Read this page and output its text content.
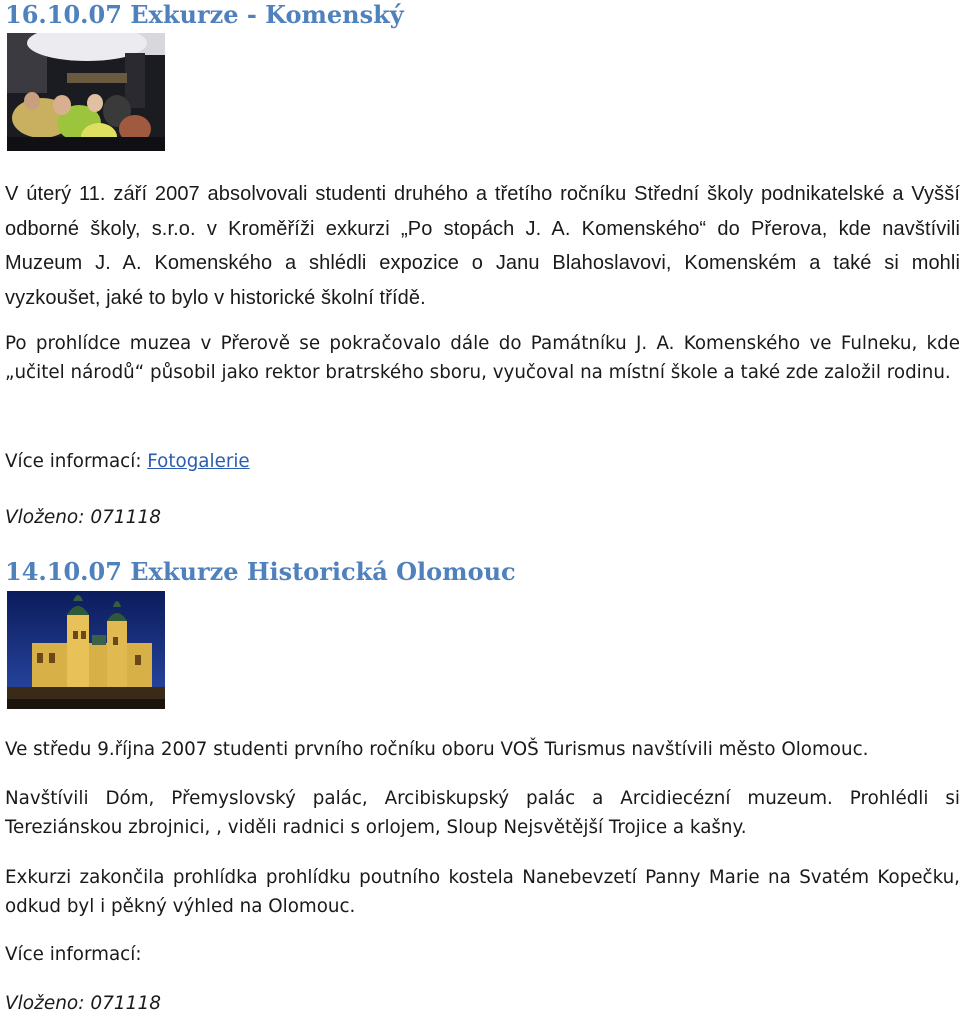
16.10.07 Exkurze - Komenský

V úterý 11. září 2007 absolvovali studenti druhého a třetího ročníku Střední školy podnikatelské a Vyšší odborné školy, s.r.o. v Kroměříži exkurzi „Po stopách J. A. Komenského“ do Přerova, kde navštívili Muzeum J. A. Komenského a shlédli expozice o Janu Blahoslavovi, Komenském a také si mohli vyzkoušet, jaké to bylo v historické školní třídě.

Po prohlídce muzea v Přerově se pokračovalo dále do Památníku J. A. Komenského ve Fulneku, kde „učitel národů“ působil jako rektor bratrského sboru, vyučoval na místní škole a také zde založil rodinu.

Více informací: Fotogalerie

Vloženo: 071118

14.10.07 Exkurze Historická Olomouc

Ve středu 9.října 2007 studenti prvního ročníku oboru VOŠ Turismus navštívili město Olomouc.

Navštívili Dóm, Přemyslovský palác, Arcibiskupský palác a Arcidiecézní muzeum. Prohlédli si Tereziánskou zbrojnici, , viděli radnici s orlojem, Sloup Nejsvětější Trojice a kašny.

Exkurzi zakončila prohlídka prohlídku poutního kostela Nanebevzetí Panny Marie na Svatém Kopečku, odkud byl i pěkný výhled na Olomouc.

Více informací:

Vloženo: 071118
